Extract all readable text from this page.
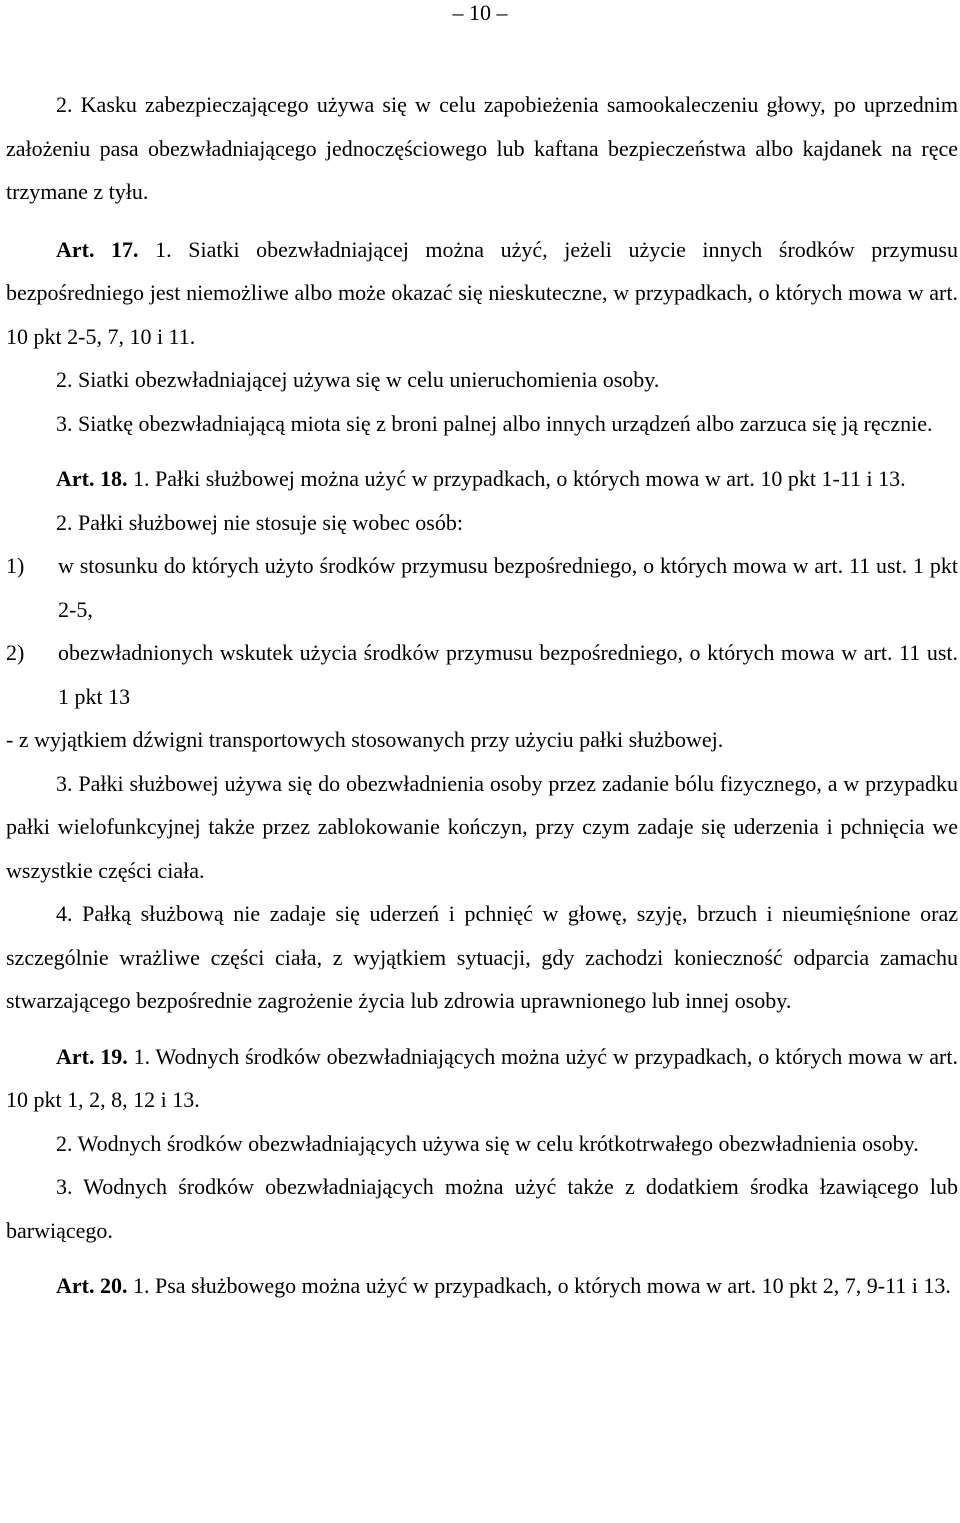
– 10 –

2. Kasku zabezpieczającego używa się w celu zapobieżenia samookaleczeniu głowy, po uprzednim założeniu pasa obezwładniającego jednoczęściowego lub kaftana bezpieczeństwa albo kajdanek na ręce trzymane z tyłu.

Art. 17. 1. Siatki obezwładniającej można użyć, jeżeli użycie innych środków przymusu bezpośredniego jest niemożliwe albo może okazać się nieskuteczne, w przypadkach, o których mowa w art. 10 pkt 2-5, 7, 10 i 11.

2. Siatki obezwładniającej używa się w celu unieruchomienia osoby.

3. Siatkę obezwładniającą miota się z broni palnej albo innych urządzeń albo zarzuca się ją ręcznie.

Art. 18. 1. Pałki służbowej można użyć w przypadkach, o których mowa w art. 10 pkt 1-11 i 13.

2. Pałki służbowej nie stosuje się wobec osób:

1)	w stosunku do których użyto środków przymusu bezpośredniego, o których mowa w art. 11 ust. 1 pkt 2-5,
2)	obezwładnionych wskutek użycia środków przymusu bezpośredniego, o których mowa w art. 11 ust. 1 pkt 13

- z wyjątkiem dźwigni transportowych stosowanych przy użyciu pałki służbowej.

3. Pałki służbowej używa się do obezwładnienia osoby przez zadanie bólu fizycznego, a w przypadku pałki wielofunkcyjnej także przez zablokowanie kończyn, przy czym zadaje się uderzenia i pchnięcia we wszystkie części ciała.

4. Pałką służbową nie zadaje się uderzeń i pchnięć w głowę, szyję, brzuch i nieumięśnione oraz szczególnie wrażliwe części ciała, z wyjątkiem sytuacji, gdy zachodzi konieczność odparcia zamachu stwarzającego bezpośrednie zagrożenie życia lub zdrowia uprawnionego lub innej osoby.

Art. 19. 1. Wodnych środków obezwładniających można użyć w przypadkach, o których mowa w art. 10 pkt 1, 2, 8, 12 i 13.

2. Wodnych środków obezwładniających używa się w celu krótkotrwałego obezwładnienia osoby.

3. Wodnych środków obezwładniających można użyć także z dodatkiem środka łzawiącego lub barwiącego.

Art. 20. 1. Psa służbowego można użyć w przypadkach, o których mowa w art. 10 pkt 2, 7, 9-11 i 13.
